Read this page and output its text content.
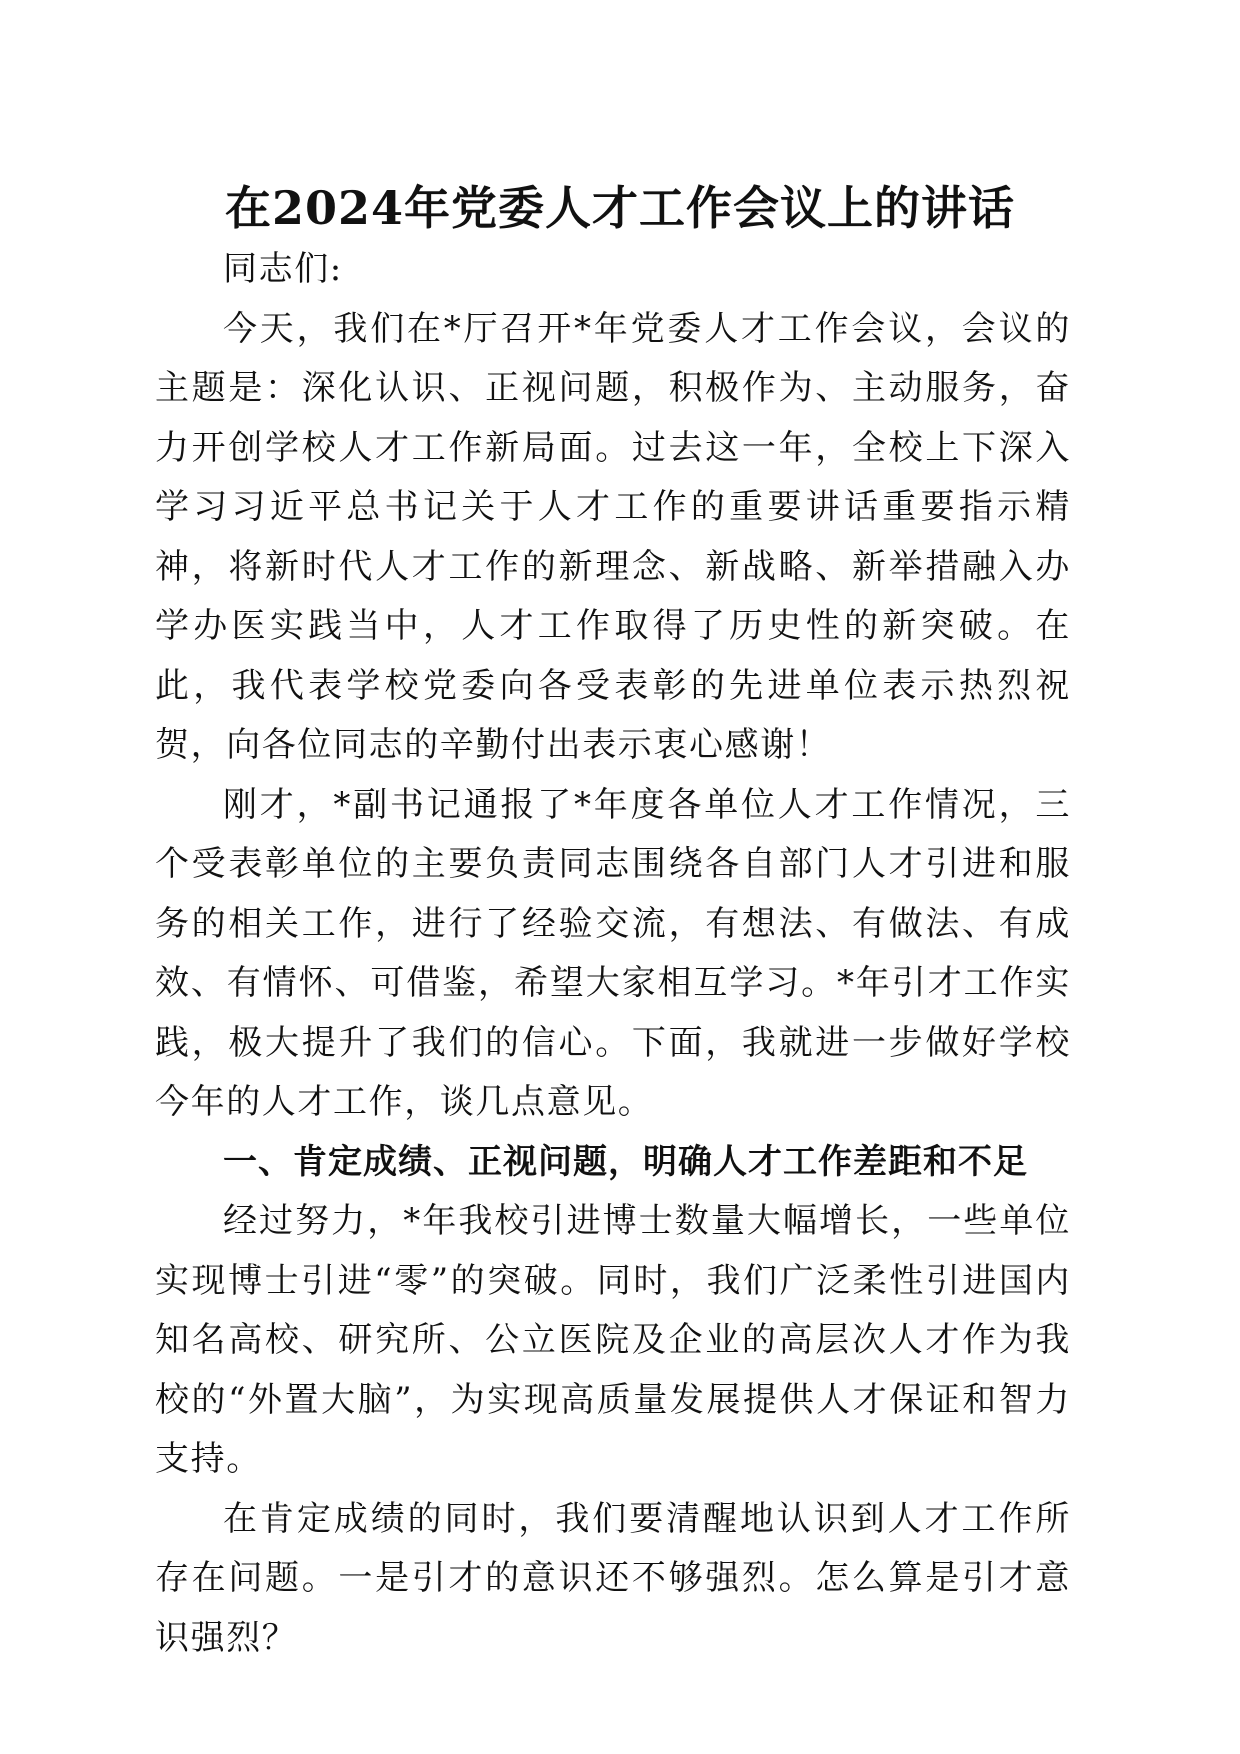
在2024年党委人才工作会议上的讲话

同志们:

今天，我们在*厅召开*年党委人才工作会议，会议的主题是：深化认识、正视问题，积极作为、主动服务，奋力开创学校人才工作新局面。过去这一年，全校上下深入学习习近平总书记关于人才工作的重要讲话重要指示精神，将新时代人才工作的新理念、新战略、新举措融入办学办医实践当中，人才工作取得了历史性的新突破。在此，我代表学校党委向各受表彰的先进单位表示热烈祝贺，向各位同志的辛勤付出表示衷心感谢！

刚才，*副书记通报了*年度各单位人才工作情况，三个受表彰单位的主要负责同志围绕各自部门人才引进和服务的相关工作，进行了经验交流，有想法、有做法、有成效、有情怀、可借鉴，希望大家相互学习。*年引才工作实践，极大提升了我们的信心。下面，我就进一步做好学校今年的人才工作，谈几点意见。

一、肯定成绩、正视问题，明确人才工作差距和不足

经过努力，*年我校引进博士数量大幅增长，一些单位实现博士引进“零”的突破。同时，我们广泛柔性引进国内知名高校、研究所、公立医院及企业的高层次人才作为我校的“外置大脑”，为实现高质量发展提供人才保证和智力支持。

在肯定成绩的同时，我们要清醒地认识到人才工作所存在问题。一是引才的意识还不够强烈。怎么算是引才意识强烈？
